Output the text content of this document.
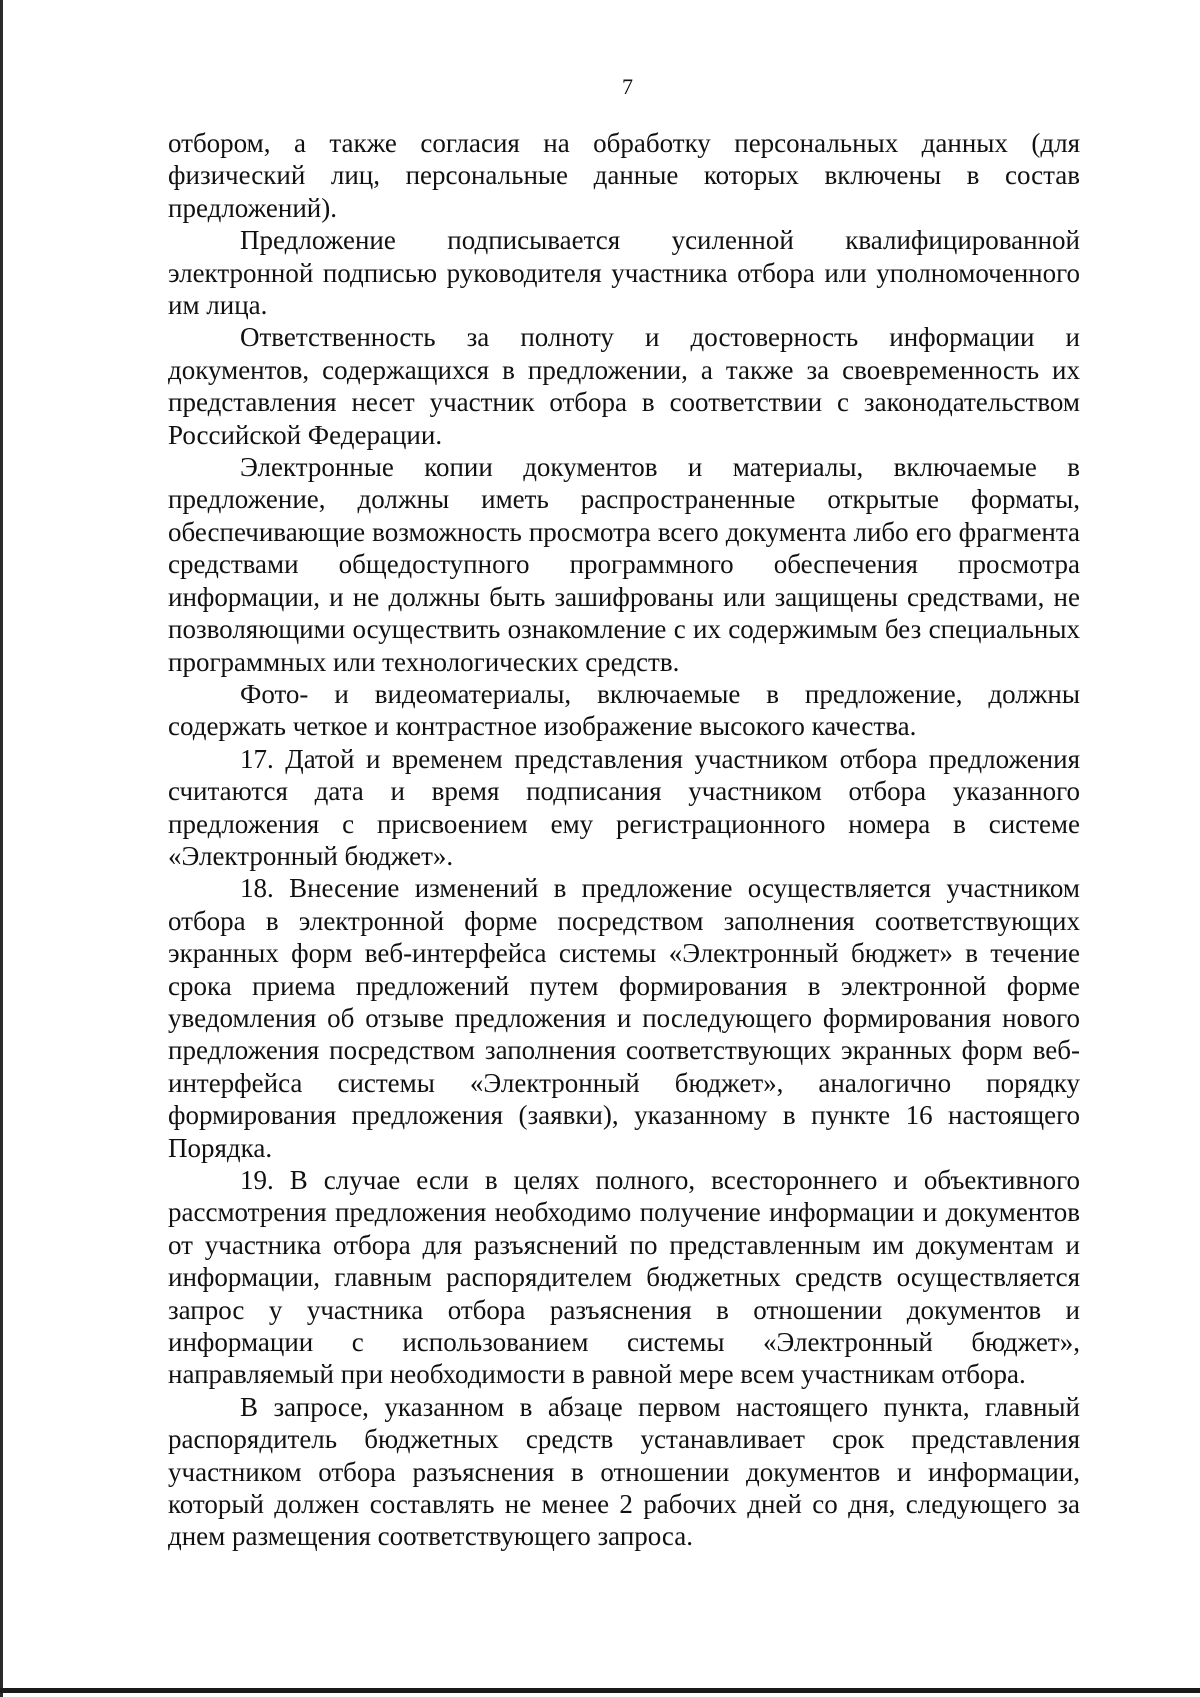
7

отбором, а также согласия на обработку персональных данных (для физический лиц, персональные данные которых включены в состав предложений).

Предложение подписывается усиленной квалифицированной электронной подписью руководителя участника отбора или уполномоченного им лица.

Ответственность за полноту и достоверность информации и документов, содержащихся в предложении, а также за своевременность их представления несет участник отбора в соответствии с законодательством Российской Федерации.

Электронные копии документов и материалы, включаемые в предложение, должны иметь распространенные открытые форматы, обеспечивающие возможность просмотра всего документа либо его фрагмента средствами общедоступного программного обеспечения просмотра информации, и не должны быть зашифрованы или защищены средствами, не позволяющими осуществить ознакомление с их содержимым без специальных программных или технологических средств.

Фото- и видеоматериалы, включаемые в предложение, должны содержать четкое и контрастное изображение высокого качества.

17. Датой и временем представления участником отбора предложения считаются дата и время подписания участником отбора указанного предложения с присвоением ему регистрационного номера в системе «Электронный бюджет».

18. Внесение изменений в предложение осуществляется участником отбора в электронной форме посредством заполнения соответствующих экранных форм веб-интерфейса системы «Электронный бюджет» в течение срока приема предложений путем формирования в электронной форме уведомления об отзыве предложения и последующего формирования нового предложения посредством заполнения соответствующих экранных форм веб-интерфейса системы «Электронный бюджет», аналогично порядку формирования предложения (заявки), указанному в пункте 16 настоящего Порядка.

19. В случае если в целях полного, всестороннего и объективного рассмотрения предложения необходимо получение информации и документов от участника отбора для разъяснений по представленным им документам и информации, главным распорядителем бюджетных средств осуществляется запрос у участника отбора разъяснения в отношении документов и информации с использованием системы «Электронный бюджет», направляемый при необходимости в равной мере всем участникам отбора.

В запросе, указанном в абзаце первом настоящего пункта, главный распорядитель бюджетных средств устанавливает срок представления участником отбора разъяснения в отношении документов и информации, который должен составлять не менее 2 рабочих дней со дня, следующего за днем размещения соответствующего запроса.
